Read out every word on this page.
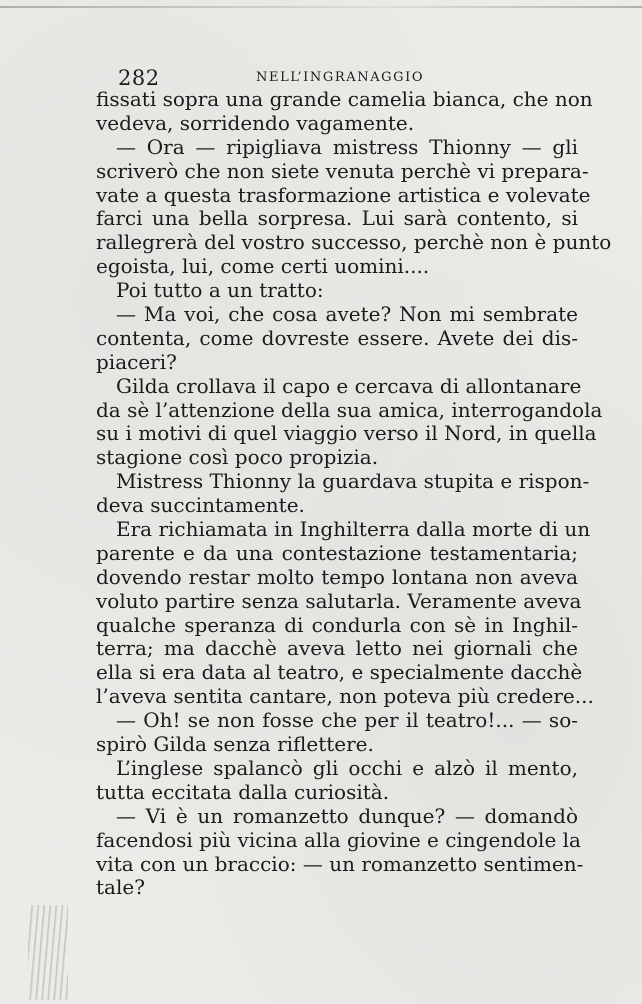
282	NELL’INGRANAGGIO
fissati sopra una grande camelia bianca, che non
vedeva, sorridendo vagamente.
— Ora — ripigliava mistress Thionny — gli
scriverò che non siete venuta perchè vi prepara-
vate a questa trasformazione artistica e volevate
farci una bella sorpresa. Lui sarà contento, si
rallegrerà del vostro successo, perchè non è punto
egoista, lui, come certi uomini....
Poi tutto a un tratto:
— Ma voi, che cosa avete? Non mi sembrate
contenta, come dovreste essere. Avete dei dis-
piaceri?
Gilda crollava il capo e cercava di allontanare
da sè l’attenzione della sua amica, interrogandola
su i motivi di quel viaggio verso il Nord, in quella
stagione così poco propizia.
Mistress Thionny la guardava stupita e rispon-
deva succintamente.
Era richiamata in Inghilterra dalla morte di un
parente e da una contestazione testamentaria;
dovendo restar molto tempo lontana non aveva
voluto partire senza salutarla. Veramente aveva
qualche speranza di condurla con sè in Inghil-
terra; ma dacchè aveva letto nei giornali che
ella si era data al teatro, e specialmente dacchè
l’aveva sentita cantare, non poteva più credere...
— Oh! se non fosse che per il teatro!... — so-
spirò Gilda senza riflettere.
L’inglese spalancò gli occhi e alzò il mento,
tutta eccitata dalla curiosità.
— Vi è un romanzetto dunque? — domandò
facendosi più vicina alla giovine e cingendole la
vita con un braccio: — un romanzetto sentimen-
tale?
